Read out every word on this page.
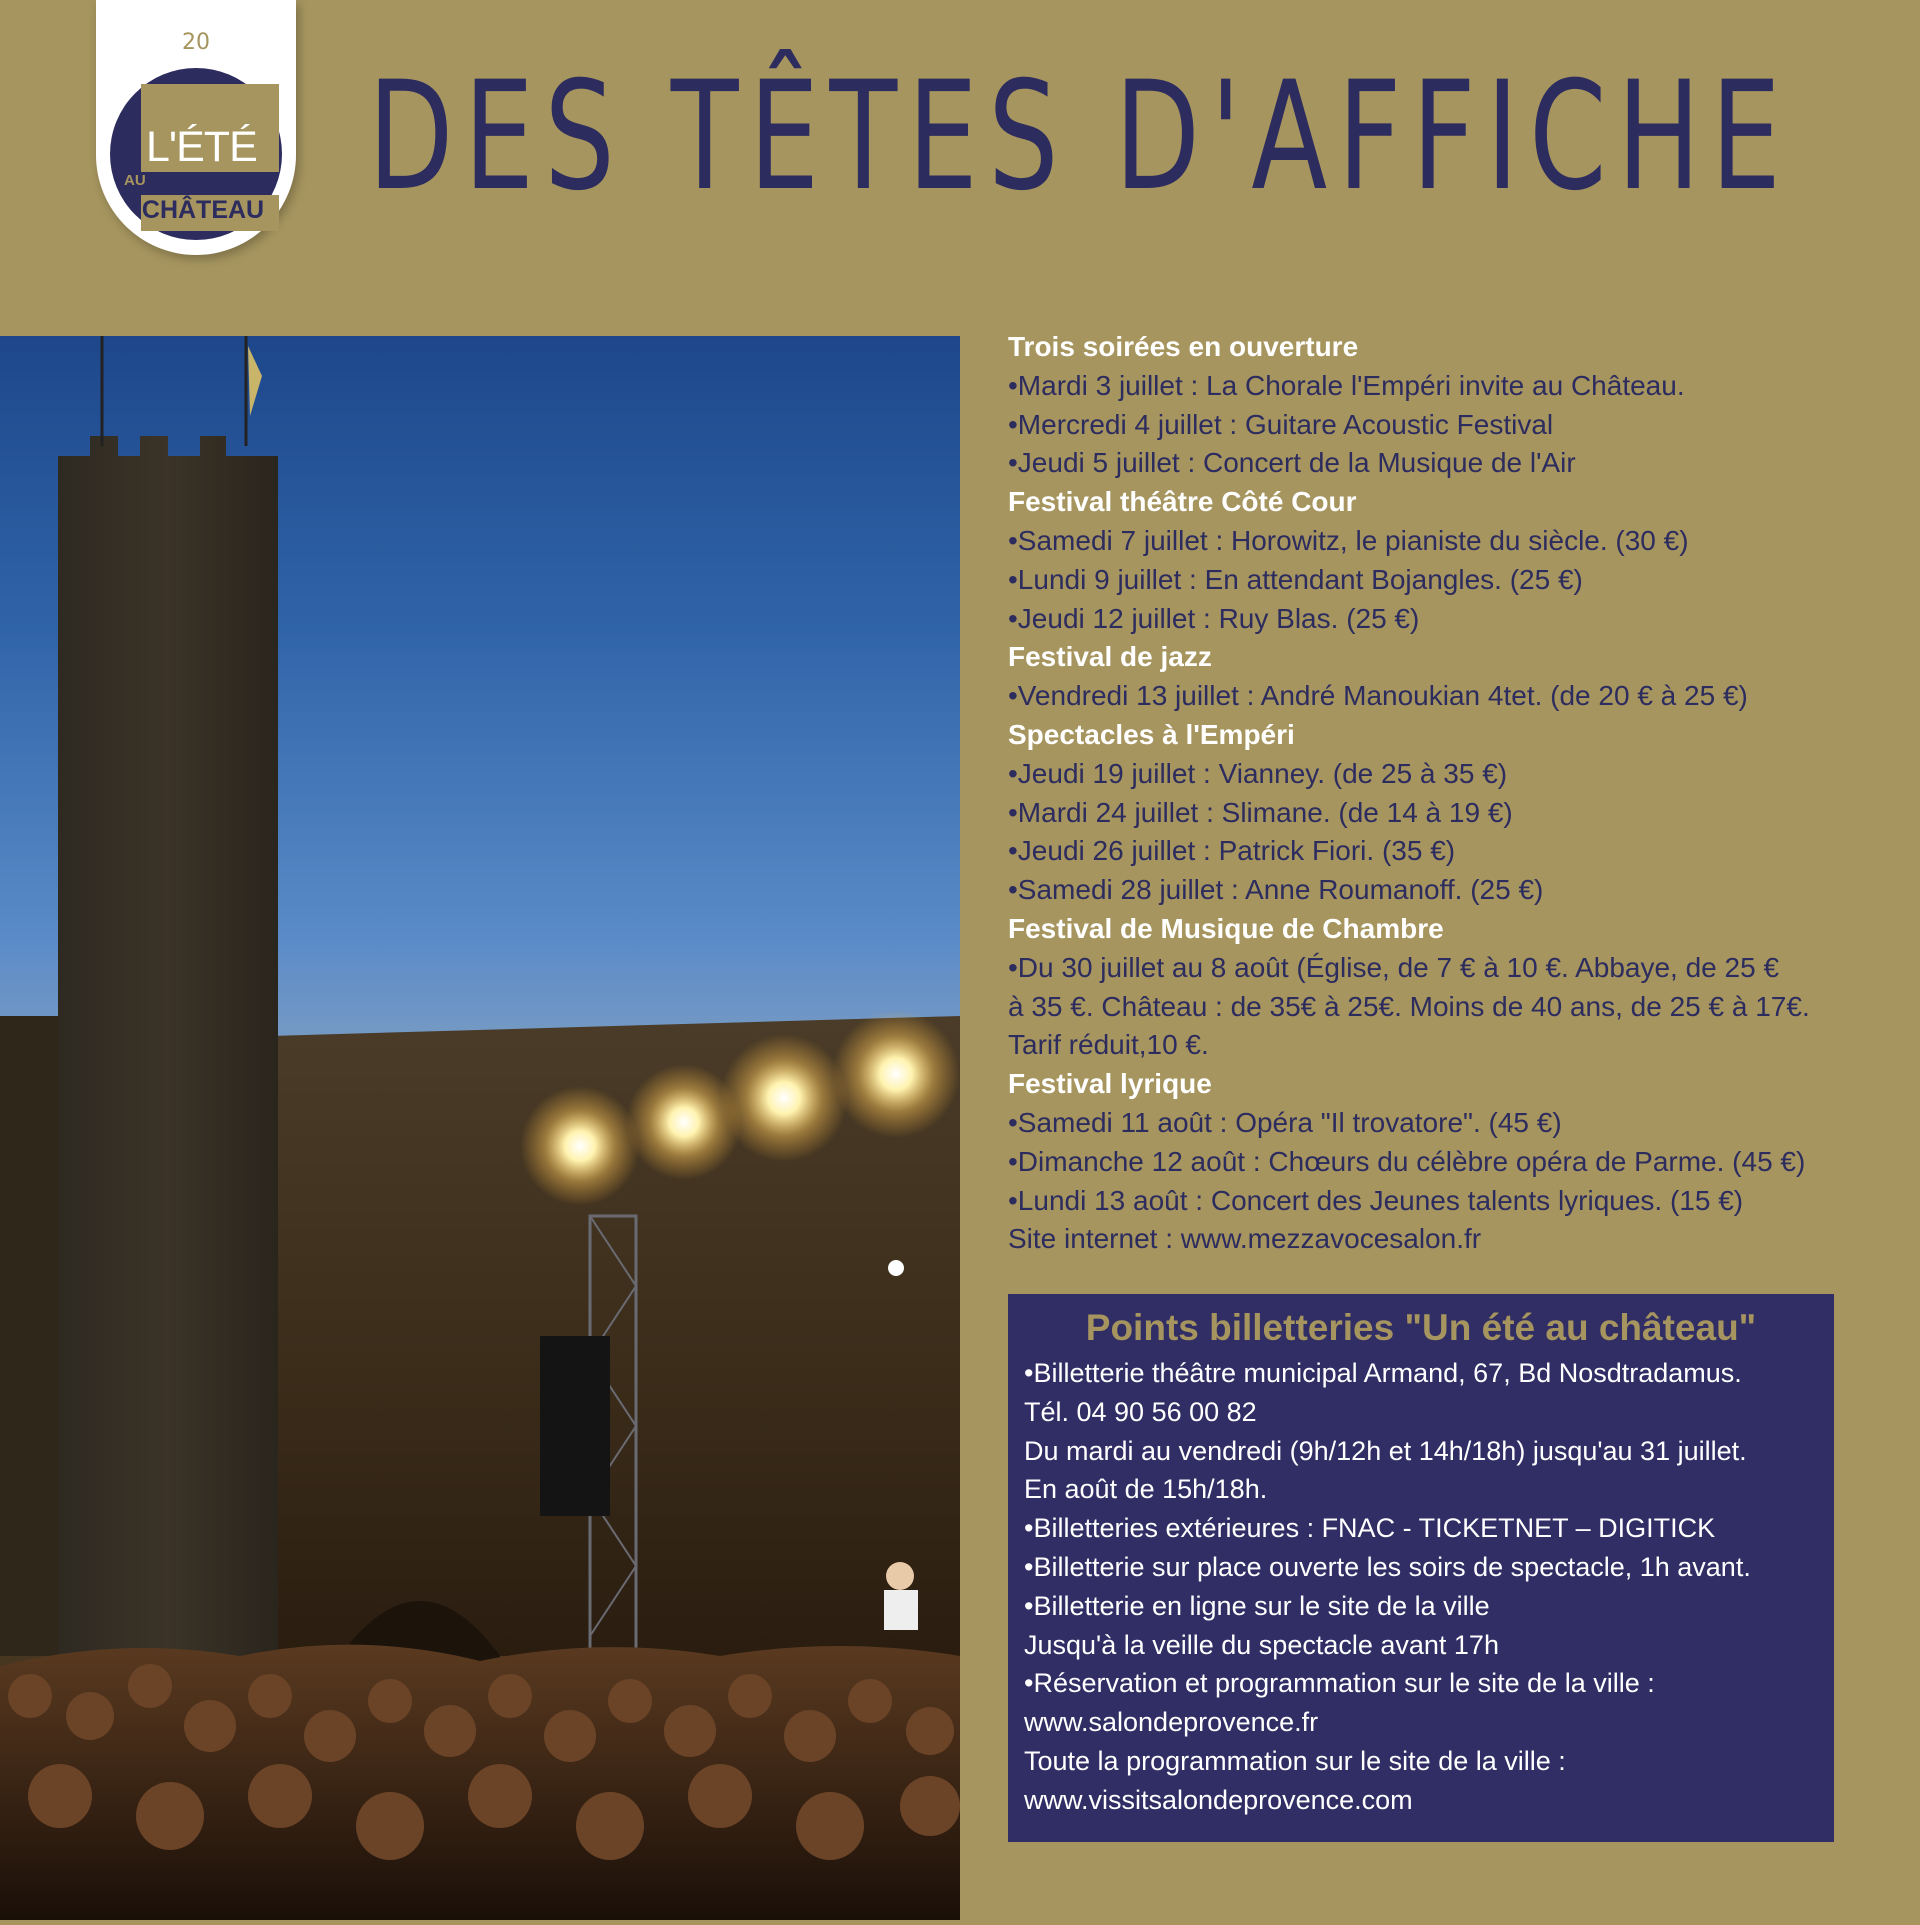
20
L'ÉTÉ
AU
CHÂTEAU DES TÊTES D'AFFICHE
Trois soirées en ouverture
•Mardi 3 juillet : La Chorale l'Empéri invite au Château.
•Mercredi 4 juillet : Guitare Acoustic Festival
•Jeudi 5 juillet : Concert de la Musique de l'Air
Festival théâtre Côté Cour
•Samedi 7 juillet : Horowitz, le pianiste du siècle. (30 €)
•Lundi 9 juillet : En attendant Bojangles. (25 €)
•Jeudi 12 juillet : Ruy Blas. (25 €)
Festival de jazz
•Vendredi 13 juillet : André Manoukian 4tet. (de 20 € à 25 €)
Spectacles à l'Empéri
•Jeudi 19 juillet : Vianney. (de 25 à 35 €)
•Mardi 24 juillet : Slimane. (de 14 à 19 €)
•Jeudi 26 juillet : Patrick Fiori. (35 €)
•Samedi 28 juillet : Anne Roumanoff. (25 €)
Festival de Musique de Chambre
•Du 30 juillet au 8 août (Église, de 7 € à 10 €. Abbaye, de 25 €
à 35 €. Château : de 35€ à 25€. Moins de 40 ans, de 25 € à 17€.
Tarif réduit,10 €.
Festival lyrique
•Samedi 11 août : Opéra "Il trovatore". (45 €)
•Dimanche 12 août : Chœurs du célèbre opéra de Parme. (45 €)
•Lundi 13 août : Concert des Jeunes talents lyriques. (15 €)
Site internet : www.mezzavocesalon.fr
Points billetteries "Un été au château"
•Billetterie théâtre municipal Armand, 67, Bd Nosdtradamus.
Tél. 04 90 56 00 82
Du mardi au vendredi (9h/12h et 14h/18h) jusqu'au 31 juillet.
En août de 15h/18h.
•Billetteries extérieures : FNAC - TICKETNET – DIGITICK
•Billetterie sur place ouverte les soirs de spectacle, 1h avant.
•Billetterie en ligne sur le site de la ville
Jusqu'à la veille du spectacle avant 17h
•Réservation et programmation sur le site de la ville :
www.salondeprovence.fr
Toute la programmation sur le site de la ville :
www.vissitsalondeprovence.com
